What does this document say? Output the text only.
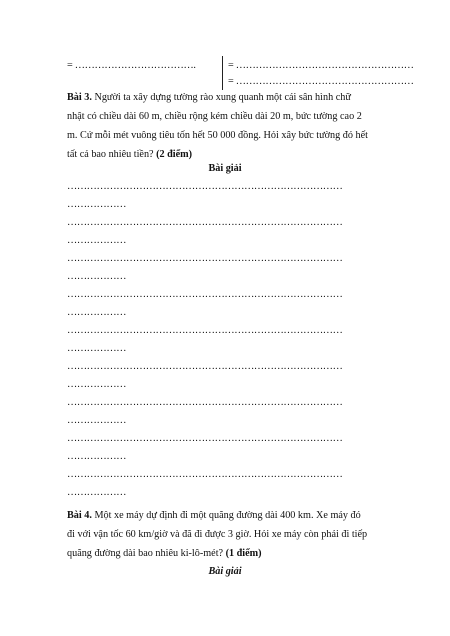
= ……………………………….	= ………………………………………………
= ………………………………………………
Bài 3. Người ta xây dựng tường rào xung quanh một cái sân hình chữ
nhật có chiều dài 60 m, chiều rộng kém chiều dài 20 m, bức tường cao 2
m. Cứ mỗi mét vuông tiêu tốn hết 50 000 đồng. Hỏi xây bức tường đó hết
tất cả bao nhiêu tiền? (2 điểm)
Bài giải
…………………………………………………………………………
………………
…………………………………………………………………………
………………
…………………………………………………………………………
………………
…………………………………………………………………………
………………
…………………………………………………………………………
………………
…………………………………………………………………………
………………
…………………………………………………………………………
………………
…………………………………………………………………………
………………
…………………………………………………………………………
………………
Bài 4. Một xe máy dự định đi một quãng đường dài 400 km. Xe máy đó
đi với vận tốc 60 km/giờ và đã đi được 3 giờ. Hỏi xe máy còn phải đi tiếp
quãng đường dài bao nhiêu ki-lô-mét? (1 điểm)
Bài giải
